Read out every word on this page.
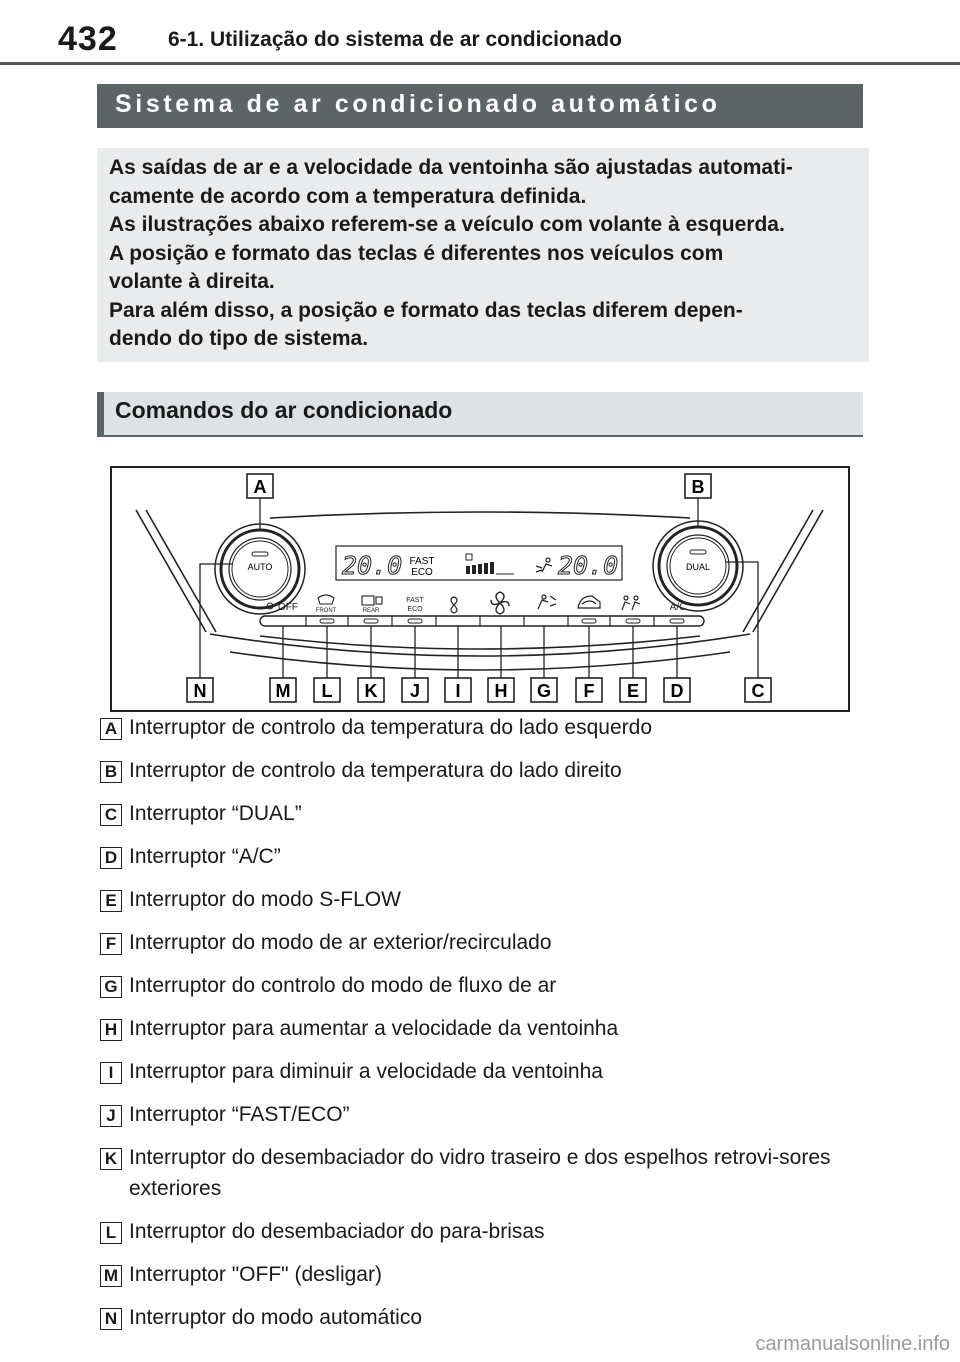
432 6-1. Utilização do sistema de ar condicionado
Sistema de ar condicionado automático

As saídas de ar e a velocidade da ventoinha são ajustadas automati-

camente de acordo com a temperatura definida.

As ilustrações abaixo referem-se a veículo com volante à esquerda.

A posição e formato das teclas é diferentes nos veículos com

volante à direita.

Para além disso, a posição e formato das teclas diferem depen-

dendo do tipo de sistema.

Comandos do ar condicionado
AUTO	DUAL
20.0 FAST
ECO	20.0
OFF	FRONT	REAR
FAST
ECO	A/C
A	B
N	M L K J I H G F E D	C
A Interruptor de controlo da temperatura do lado esquerdo
B Interruptor de controlo da temperatura do lado direito
C Interruptor “DUAL”
D Interruptor “A/C”
E Interruptor do modo S-FLOW
F Interruptor do modo de ar exterior/recirculado
G Interruptor do controlo do modo de fluxo de ar
H Interruptor para aumentar a velocidade da ventoinha
I Interruptor para diminuir a velocidade da ventoinha
J Interruptor “FAST/ECO”
K Interruptor do desembaciador do vidro traseiro e dos espelhos retrovi-sores exteriores
L Interruptor do desembaciador do para-brisas
M Interruptor "OFF" (desligar)
N Interruptor do modo automático
carmanualsonline.info
